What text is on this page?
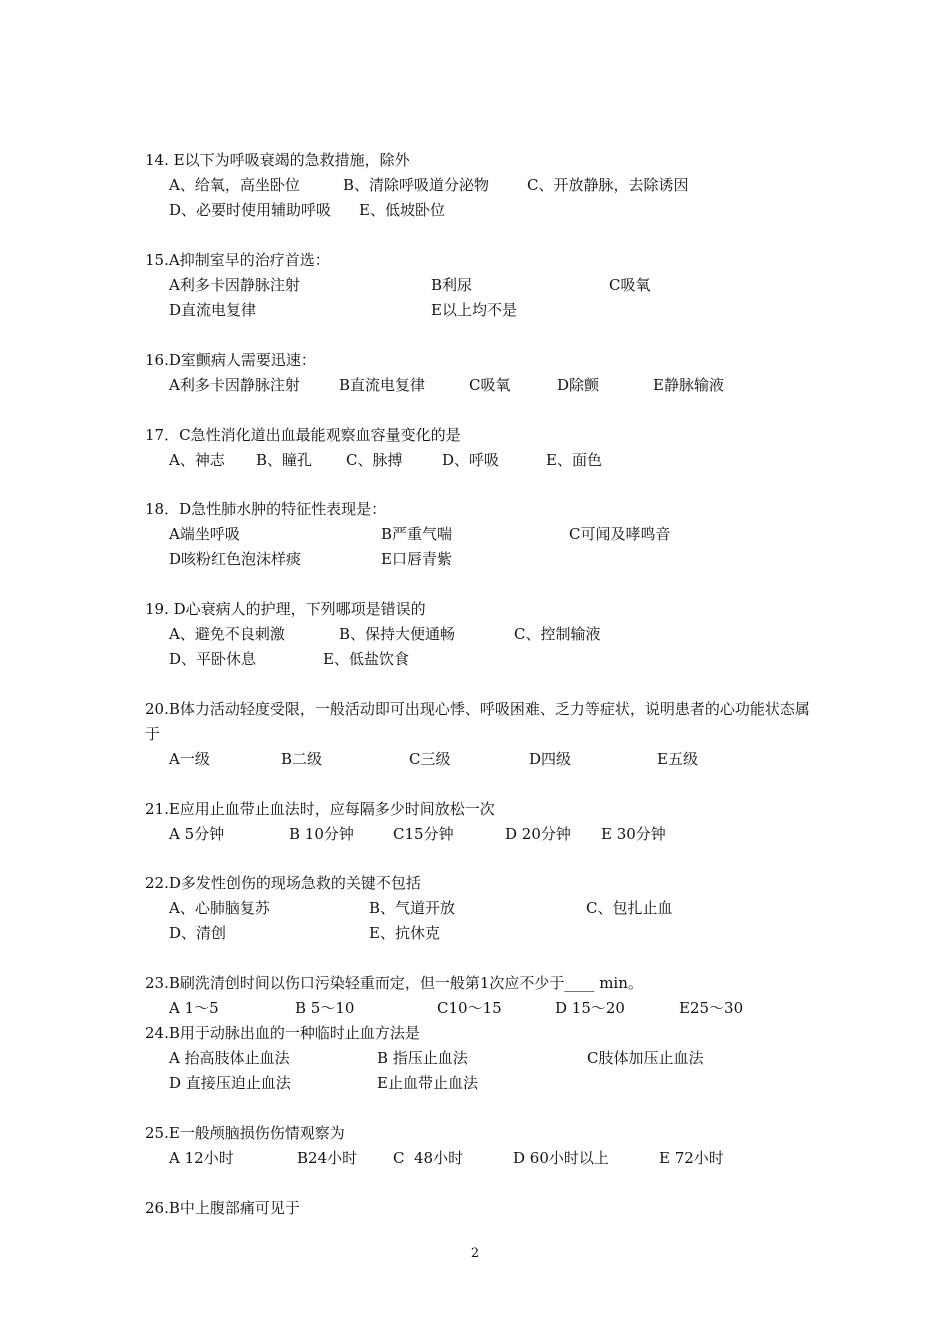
14. E以下为呼吸衰竭的急救措施，除外
A、给氧，高坐卧位	B、清除呼吸道分泌物	C、开放静脉，去除诱因
D、必要时使用辅助呼吸 E、低坡卧位
15.A抑制室早的治疗首选：
A利多卡因静脉注射	B利尿	C吸氧
D直流电复律	E以上均不是
16.D室颤病人需要迅速：
A利多卡因静脉注射	B直流电复律	C吸氧	D除颤	E静脉输液
17．C急性消化道出血最能观察血容量变化的是
A、神志 B、瞳孔 C、脉搏	D、呼吸	E、面色
18．D急性肺水肿的特征性表现是：
A端坐呼吸	B严重气喘	C可闻及哮鸣音
D咳粉红色泡沫样痰	E口唇青紫
19. D心衰病人的护理，下列哪项是错误的
A、避免不良刺激	B、保持大便通畅	C、控制输液
D、平卧休息	E、低盐饮食
20.B体力活动轻度受限，一般活动即可出现心悸、呼吸困难、乏力等症状，说明患者的心功能状态属于
A一级	B二级	C三级	D四级	E五级
21.E应用止血带止血法时，应每隔多少时间放松一次
A 5分钟	B 10分钟	C15分钟	D 20分钟 E 30分钟
22.D多发性创伤的现场急救的关键不包括
A、心肺脑复苏	B、气道开放	C、包扎止血
D、清创	E、抗休克
23.B刷洗清创时间以伤口污染轻重而定，但一般第1次应不少于____ min。
A 1～5	B 5～10	C10～15	D 15～20	E25～30
24.B用于动脉出血的一种临时止血方法是
A 抬高肢体止血法	B 指压止血法	C肢体加压止血法
D 直接压迫止血法	E止血带止血法
25.E一般颅脑损伤伤情观察为
A 12小时	B24小时 C  48小时	D 60小时以上	E 72小时
26.B中上腹部痛可见于
2
